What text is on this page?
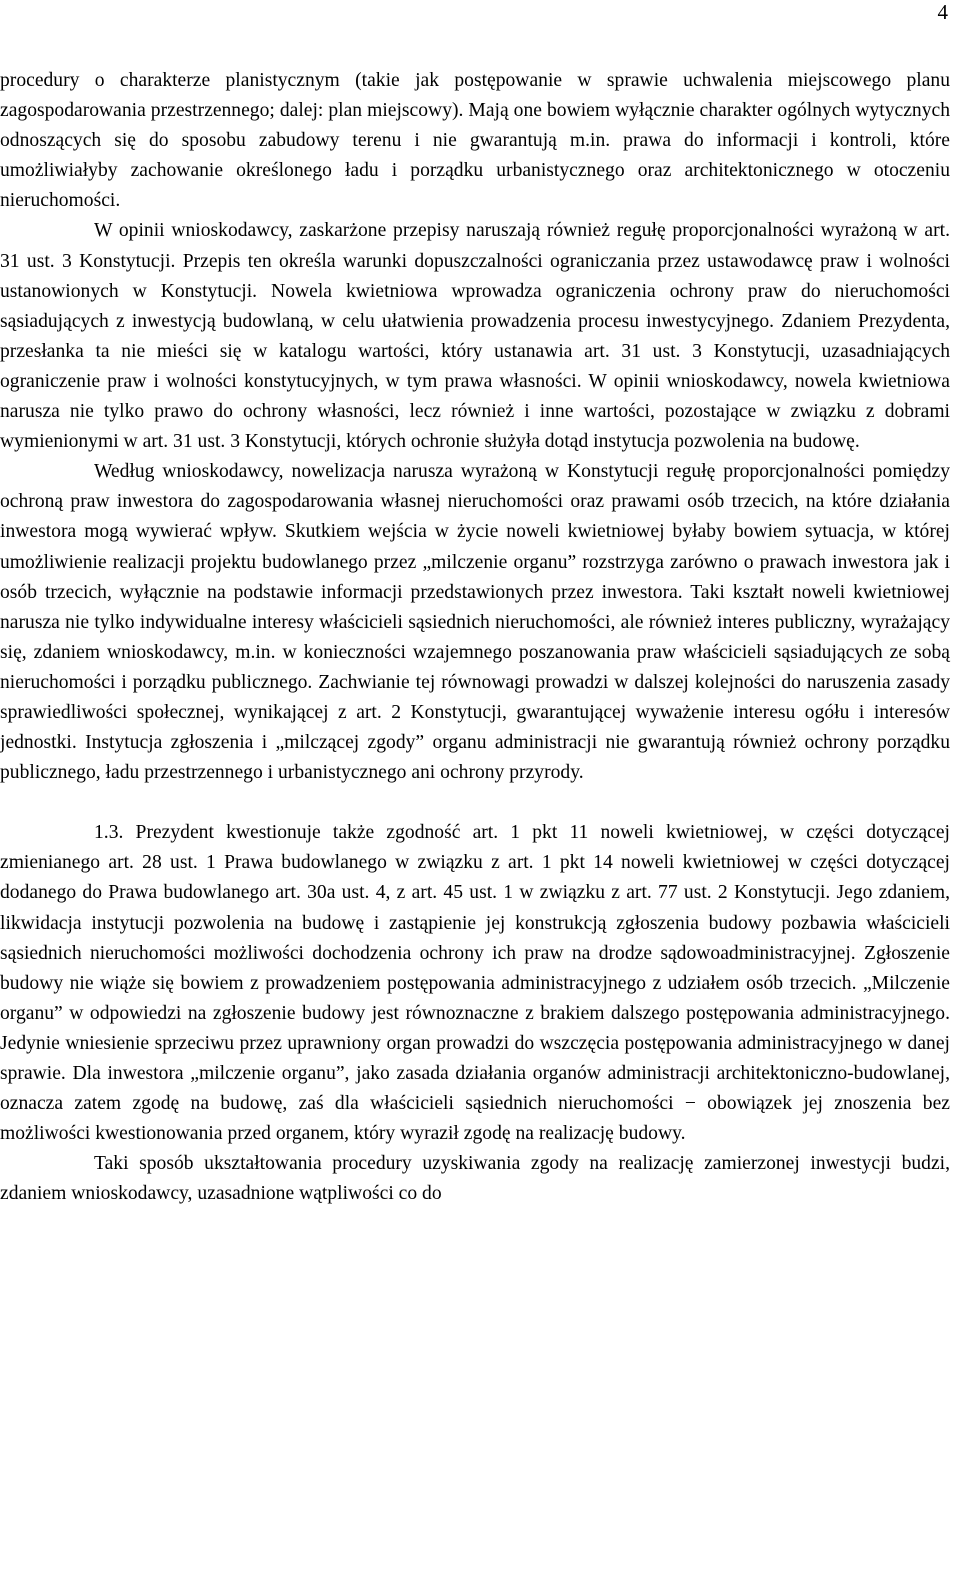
4

procedury o charakterze planistycznym (takie jak postępowanie w sprawie uchwalenia miejscowego planu zagospodarowania przestrzennego; dalej: plan miejscowy). Mają one bowiem wyłącznie charakter ogólnych wytycznych odnoszących się do sposobu zabudowy terenu i nie gwarantują m.in. prawa do informacji i kontroli, które umożliwiałyby zachowanie określonego ładu i porządku urbanistycznego oraz architektonicznego w otoczeniu nieruchomości.

W opinii wnioskodawcy, zaskarżone przepisy naruszają również regułę proporcjonalności wyrażoną w art. 31 ust. 3 Konstytucji. Przepis ten określa warunki dopuszczalności ograniczania przez ustawodawcę praw i wolności ustanowionych w Konstytucji. Nowela kwietniowa wprowadza ograniczenia ochrony praw do nieruchomości sąsiadujących z inwestycją budowlaną, w celu ułatwienia prowadzenia procesu inwestycyjnego. Zdaniem Prezydenta, przesłanka ta nie mieści się w katalogu wartości, który ustanawia art. 31 ust. 3 Konstytucji, uzasadniających ograniczenie praw i wolności konstytucyjnych, w tym prawa własności. W opinii wnioskodawcy, nowela kwietniowa narusza nie tylko prawo do ochrony własności, lecz również i inne wartości, pozostające w związku z dobrami wymienionymi w art. 31 ust. 3 Konstytucji, których ochronie służyła dotąd instytucja pozwolenia na budowę.

Według wnioskodawcy, nowelizacja narusza wyrażoną w Konstytucji regułę proporcjonalności pomiędzy ochroną praw inwestora do zagospodarowania własnej nieruchomości oraz prawami osób trzecich, na które działania inwestora mogą wywierać wpływ. Skutkiem wejścia w życie noweli kwietniowej byłaby bowiem sytuacja, w której umożliwienie realizacji projektu budowlanego przez „milczenie organu” rozstrzyga zarówno o prawach inwestora jak i osób trzecich, wyłącznie na podstawie informacji przedstawionych przez inwestora. Taki kształt noweli kwietniowej narusza nie tylko indywidualne interesy właścicieli sąsiednich nieruchomości, ale również interes publiczny, wyrażający się, zdaniem wnioskodawcy, m.in. w konieczności wzajemnego poszanowania praw właścicieli sąsiadujących ze sobą nieruchomości i porządku publicznego. Zachwianie tej równowagi prowadzi w dalszej kolejności do naruszenia zasady sprawiedliwości społecznej, wynikającej z art. 2 Konstytucji, gwarantującej wyważenie interesu ogółu i interesów jednostki. Instytucja zgłoszenia i „milczącej zgody” organu administracji nie gwarantują również ochrony porządku publicznego, ładu przestrzennego i urbanistycznego ani ochrony przyrody.

1.3. Prezydent kwestionuje także zgodność art. 1 pkt 11 noweli kwietniowej, w części dotyczącej zmienianego art. 28 ust. 1 Prawa budowlanego w związku z art. 1 pkt 14 noweli kwietniowej w części dotyczącej dodanego do Prawa budowlanego art. 30a ust. 4, z art. 45 ust. 1 w związku z art. 77 ust. 2 Konstytucji. Jego zdaniem, likwidacja instytucji pozwolenia na budowę i zastąpienie jej konstrukcją zgłoszenia budowy pozbawia właścicieli sąsiednich nieruchomości możliwości dochodzenia ochrony ich praw na drodze sądowoadministracyjnej. Zgłoszenie budowy nie wiąże się bowiem z prowadzeniem postępowania administracyjnego z udziałem osób trzecich. „Milczenie organu” w odpowiedzi na zgłoszenie budowy jest równoznaczne z brakiem dalszego postępowania administracyjnego. Jedynie wniesienie sprzeciwu przez uprawniony organ prowadzi do wszczęcia postępowania administracyjnego w danej sprawie. Dla inwestora „milczenie organu”, jako zasada działania organów administracji architektoniczno-budowlanej, oznacza zatem zgodę na budowę, zaś dla właścicieli sąsiednich nieruchomości − obowiązek jej znoszenia bez możliwości kwestionowania przed organem, który wyraził zgodę na realizację budowy.

Taki sposób ukształtowania procedury uzyskiwania zgody na realizację zamierzonej inwestycji budzi, zdaniem wnioskodawcy, uzasadnione wątpliwości co do
